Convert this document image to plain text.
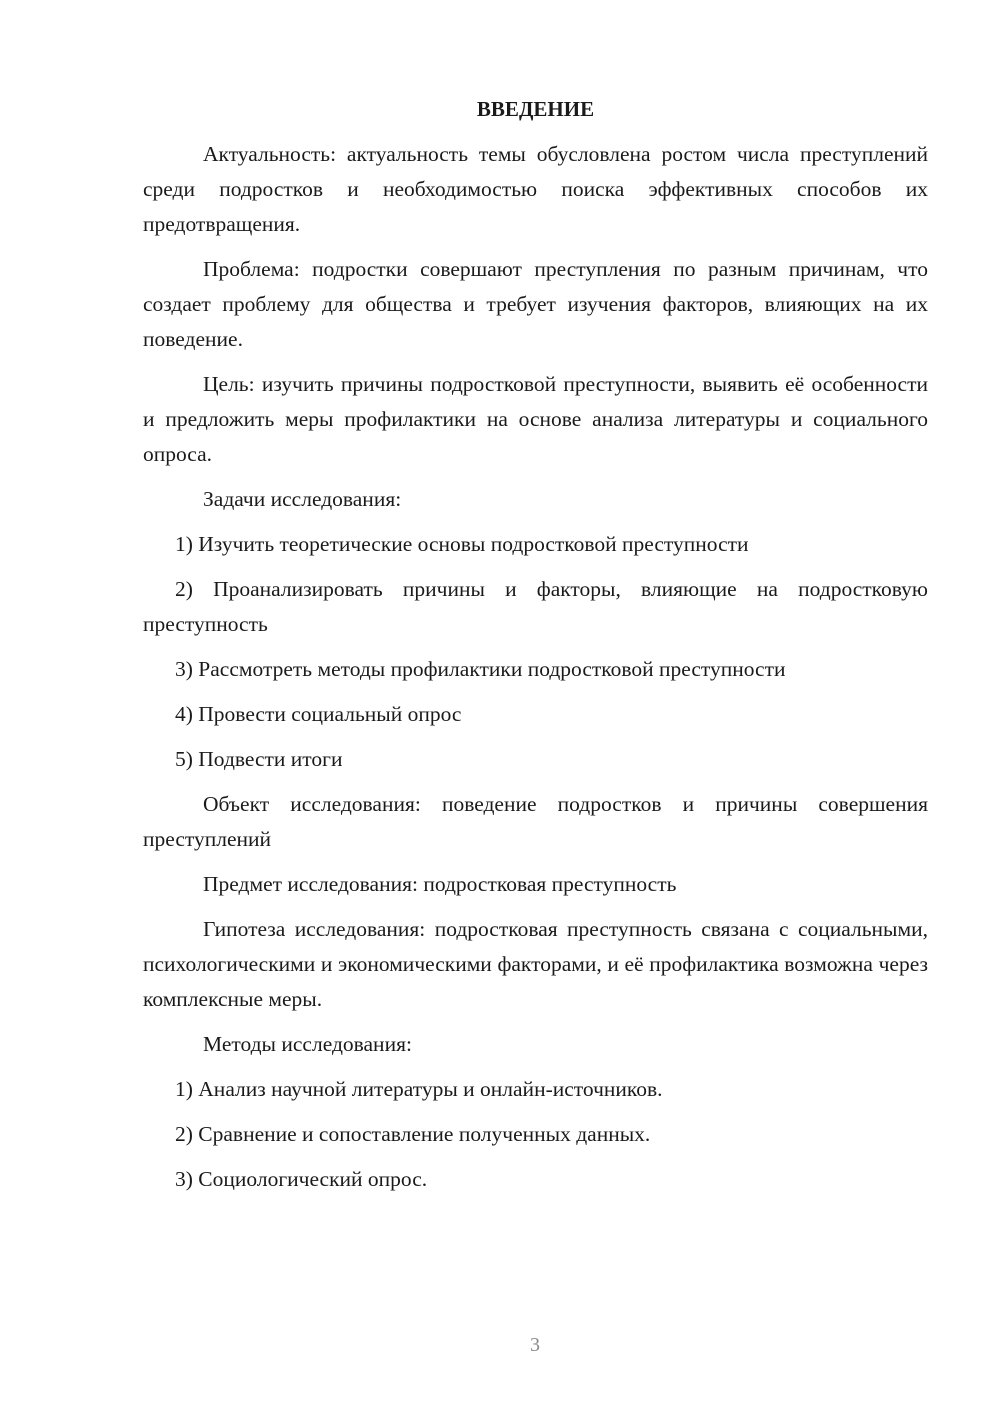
ВВЕДЕНИЕ

Актуальность: актуальность темы обусловлена ростом числа преступлений среди подростков и необходимостью поиска эффективных способов их предотвращения.

Проблема: подростки совершают преступления по разным причинам, что создает проблему для общества и требует изучения факторов, влияющих на их поведение.

Цель: изучить причины подростковой преступности, выявить её особенности и предложить меры профилактики на основе анализа литературы и социального опроса.

Задачи исследования:

1) Изучить теоретические основы подростковой преступности

2) Проанализировать причины и факторы, влияющие на подростковую преступность

3) Рассмотреть методы профилактики подростковой преступности

4) Провести социальный опрос

5) Подвести итоги

Объект исследования: поведение подростков и причины совершения преступлений

Предмет исследования: подростковая преступность

Гипотеза исследования: подростковая преступность связана с социальными, психологическими и экономическими факторами, и её профилактика возможна через комплексные меры.

Методы исследования:

1) Анализ научной литературы и онлайн-источников.

2) Сравнение и сопоставление полученных данных.

3) Социологический опрос.

3
